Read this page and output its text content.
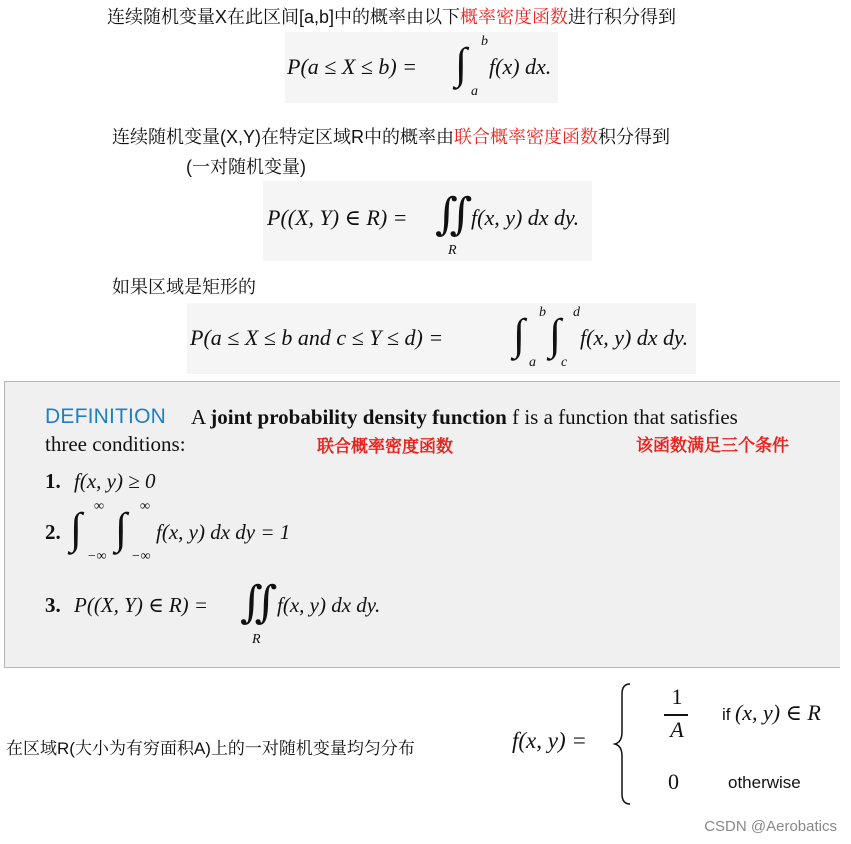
连续随机变量X在此区间[a,b]中的概率由以下概率密度函数进行积分得到
P(a ≤ X ≤ b) = ∫ b
a
f(x) dx.
连续随机变量(X,Y)在特定区域R中的概率由联合概率密度函数积分得到
(一对随机变量)
P((X, Y) ∈ R) = ∬
R
f(x, y) dx dy.
如果区域是矩形的
P(a ≤ X ≤ b and c ≤ Y ≤ d) = ∫ b
a
∫ d
c
f(x, y) dx dy.
DEFINITION A joint probability density function f is a function that satisfies
three conditions:	联合概率密度函数	该函数满足三个条件
1. f(x, y) ≥ 0
2. ∫ ∞
−∞
∫ ∞
−∞
f(x, y) dx dy = 1
3. P((X, Y) ∈ R) = ∬
R
f(x, y) dx dy.
在区域R(大小为有穷面积A)上的一对随机变量均匀分布	f(x, y) =
1
A
if (x, y) ∈ R
0	otherwise
CSDN @Aerobatics
